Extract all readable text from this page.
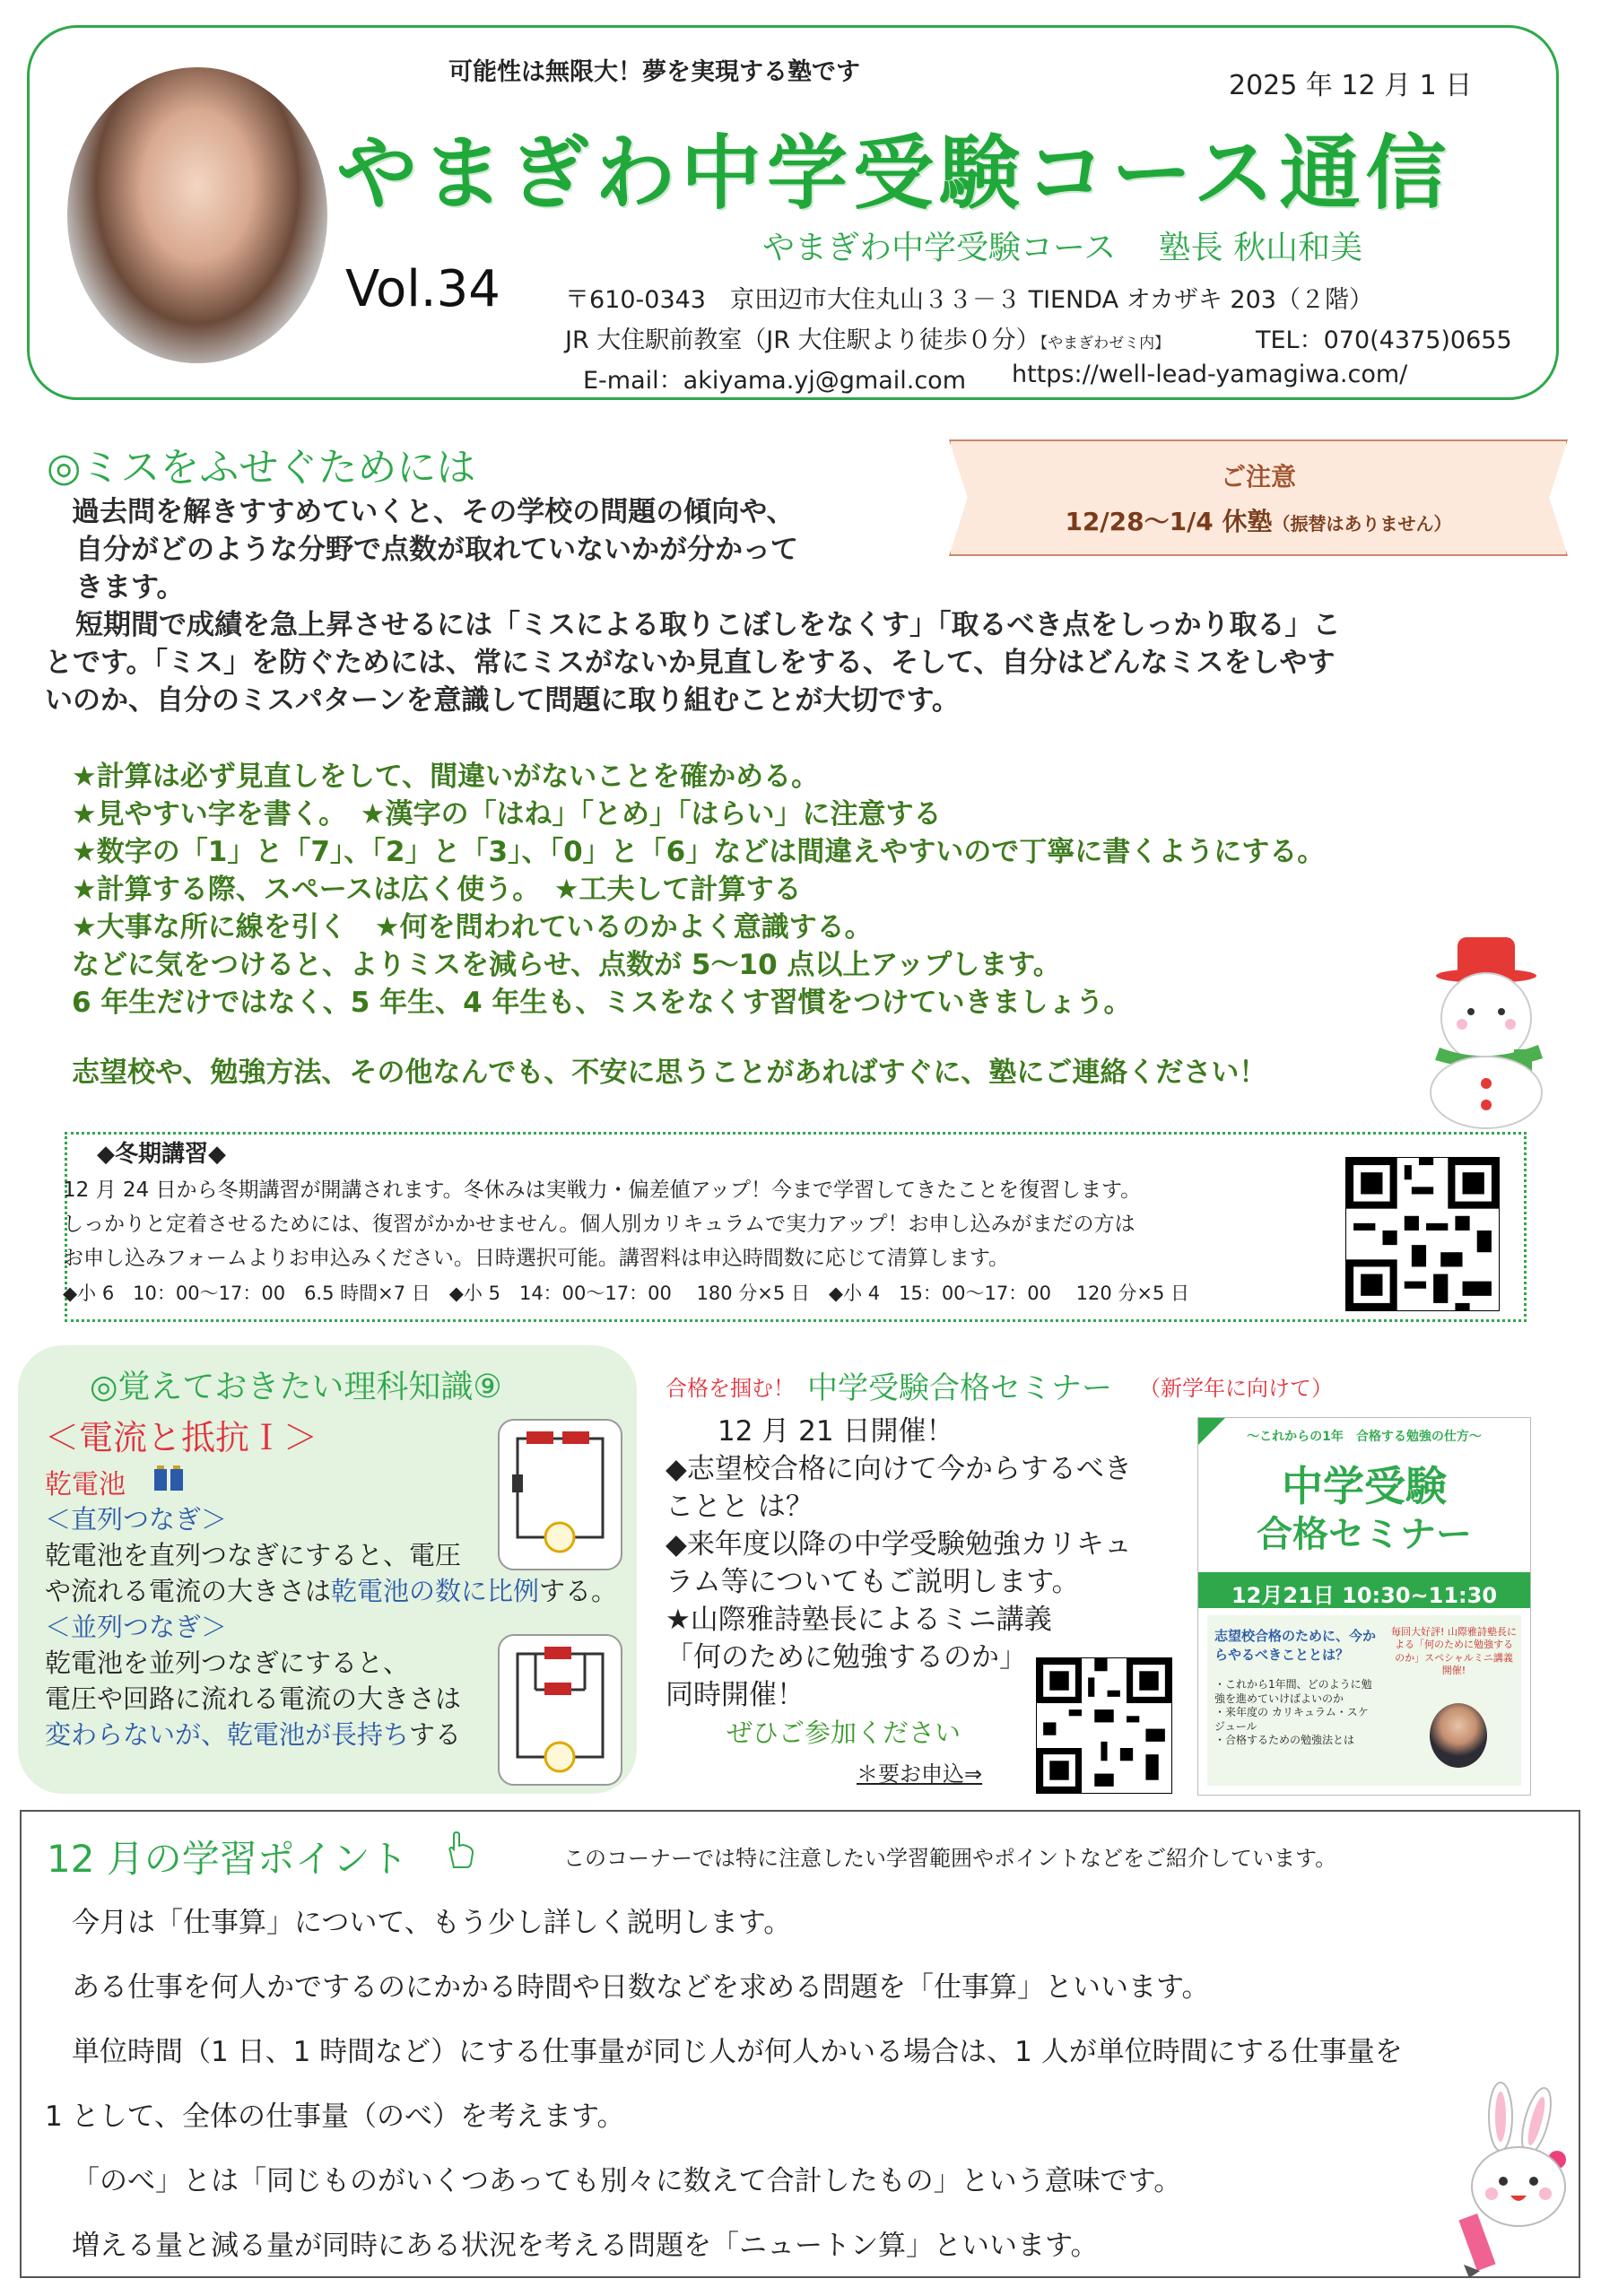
可能性は無限大！夢を実現する塾です	2025 年 12 月 1 日
やまぎわ中学受験コース通信
やまぎわ中学受験コース　 塾長 秋山和美
Vol.34	〒610-0343　京田辺市大住丸山３３－３ TIENDA オカザキ 203（２階）
JR 大住駅前教室（JR 大住駅より徒歩０分）【やまぎわゼミ内】	TEL：070(4375)0655
E-mail：akiyama.yj@gmail.com https://well-lead-yamagiwa.com/
ご注意
12/28～1/4 休塾（振替はありません）
◎ミスをふせぐためには
過去問を解きすすめていくと、その学校の問題の傾向や、
自分がどのような分野で点数が取れていないかが分かって
きます。
短期間で成績を急上昇させるには「ミスによる取りこぼしをなくす」「取るべき点をしっかり取る」こ
とです。「ミス」を防ぐためには、常にミスがないか見直しをする、そして、自分はどんなミスをしやす
いのか、自分のミスパターンを意識して問題に取り組むことが大切です。
★計算は必ず見直しをして、間違いがないことを確かめる。
★見やすい字を書く。　★漢字の「はね」「とめ」「はらい」に注意する
★数字の「1」と「7」、「2」と「3」、「0」と「6」などは間違えやすいので丁寧に書くようにする。
★計算する際、スペースは広く使う。　★工夫して計算する
★大事な所に線を引く　★何を問われているのかよく意識する。
などに気をつけると、よりミスを減らせ、点数が 5～10 点以上アップします。
6 年生だけではなく、5 年生、4 年生も、ミスをなくす習慣をつけていきましょう。
志望校や、勉強方法、その他なんでも、不安に思うことがあればすぐに、塾にご連絡ください！
◆冬期講習◆
12 月 24 日から冬期講習が開講されます。冬休みは実戦力・偏差値アップ！今まで学習してきたことを復習します。
しっかりと定着させるためには、復習がかかせません。個人別カリキュラムで実力アップ！お申し込みがまだの方は
お申し込みフォームよりお申込みください。日時選択可能。講習料は申込時間数に応じて清算します。
◆小 6　10：00～17：00　6.5 時間×7 日　◆小 5　14：00～17：00　 180 分×5 日　◆小 4　15：00～17：00　 120 分×5 日
◎覚えておきたい理科知識⑨
＜電流と抵抗Ｉ＞
乾電池
＜直列つなぎ＞
乾電池を直列つなぎにすると、電圧
や流れる電流の大きさは乾電池の数に比例する。
＜並列つなぎ＞
乾電池を並列つなぎにすると、
電圧や回路に流れる電流の大きさは
変わらないが、乾電池が長持ちする
合格を掴む！ 中学受験合格セミナー （新学年に向けて）
12 月 21 日開催！
◆志望校合格に向けて今からするべき
ことと は？
◆来年度以降の中学受験勉強カリキュ
ラム等についてもご説明します。
★山際雅詩塾長によるミニ講義
「何のために勉強するのか」
同時開催！
ぜひご参加ください
＊要お申込⇒
～これからの1年　合格する勉強の仕方～
中学受験
合格セミナー
12月21日 10:30~11:30
志望校合格のために、今からやるべきこととは？
・これから1年間、どのように勉強を進めていけばよいのか
・来年度の カリキュラム・スケジュール
・合格するための勉強法とは
毎回大好評! 山際雅詩塾長による「何のために勉強するのか」スペシャルミニ講義 開催!
12 月の学習ポイント	このコーナーでは特に注意したい学習範囲やポイントなどをご紹介しています。
今月は「仕事算」について、もう少し詳しく説明します。
ある仕事を何人かでするのにかかる時間や日数などを求める問題を「仕事算」といいます。
単位時間（1 日、1 時間など）にする仕事量が同じ人が何人かいる場合は、1 人が単位時間にする仕事量を
1 として、全体の仕事量（のべ）を考えます。
「のべ」とは「同じものがいくつあっても別々に数えて合計したもの」という意味です。
増える量と減る量が同時にある状況を考える問題を「ニュートン算」といいます。
